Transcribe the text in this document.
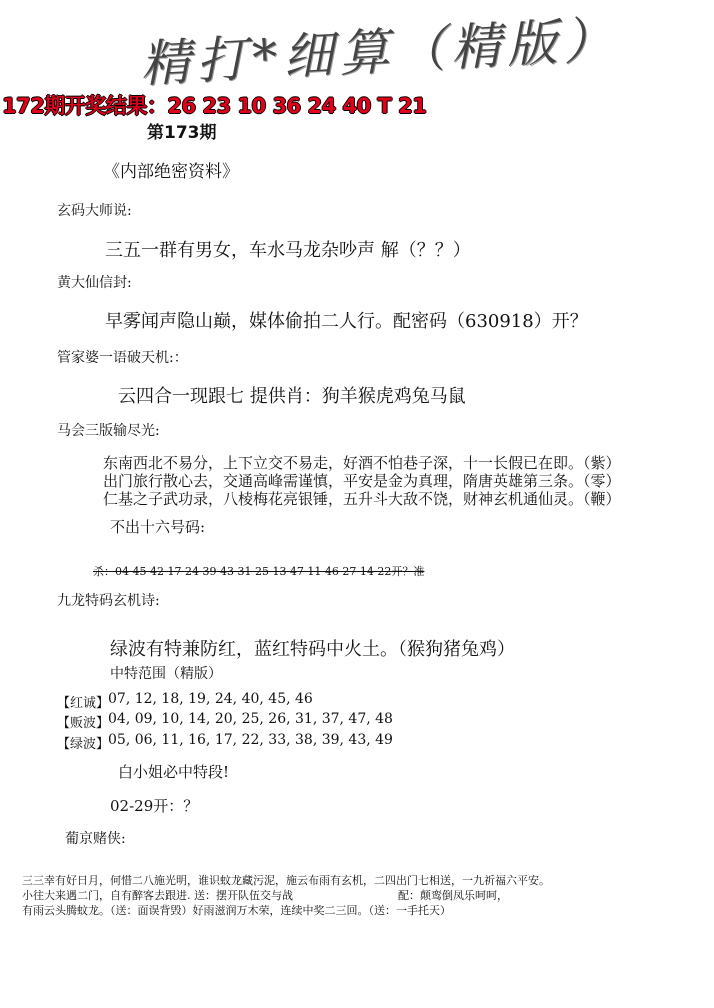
精打*细算（精版）
172期开奖结果：26 23 10 36 24 40 T 21
第173期
《内部绝密资料》
玄码大师说:
三五一群有男女，车水马龙杂吵声 解（？？）
黄大仙信封:
早雾闻声隐山巅，媒体偷拍二人行。配密码（630918）开？
管家婆一语破天机:：
云四合一现跟七 提供肖：狗羊猴虎鸡兔马鼠
马会三版输尽光:
东南西北不易分，上下立交不易走，好酒不怕巷子深，十一长假已在即。（紫）
出门旅行散心去，交通高峰需谨慎，平安是金为真理，隋唐英雄第三条。（零）
仁基之子武功录，八棱梅花亮银锤，五升斗大敌不饶，财神玄机通仙灵。（鞭）
不出十六号码:
杀：04 45 42 17 24 39 43 31 25 13 47 11 46 27 14 22开？准
九龙特码玄机诗:
绿波有特兼防红，蓝红特码中火土。（猴狗猪兔鸡）
中特范围（精版）
【红诚】
07, 12, 18, 19, 24, 40, 45, 46
【贩波】
04, 09, 10, 14, 20, 25, 26, 31, 37, 47, 48
【绿波】
05, 06, 11, 16, 17, 22, 33, 38, 39, 43, 49
白小姐必中特段!
02-29开：？
葡京赌侠:
三三幸有好日月，何惜二八施光明，谁识蚊龙藏污泥，施云布雨有玄机，二四出门七相送，一九祈福六平安。
小往大来遇二门，自有醉客去跟进. 送：摆开队伍交与战	配：颠鸾倒凤乐呵呵，
有雨云头腾蚊龙。（送：面误背毁）好雨滋润万木荣，连续中奖二三回。（送：一手托天）
